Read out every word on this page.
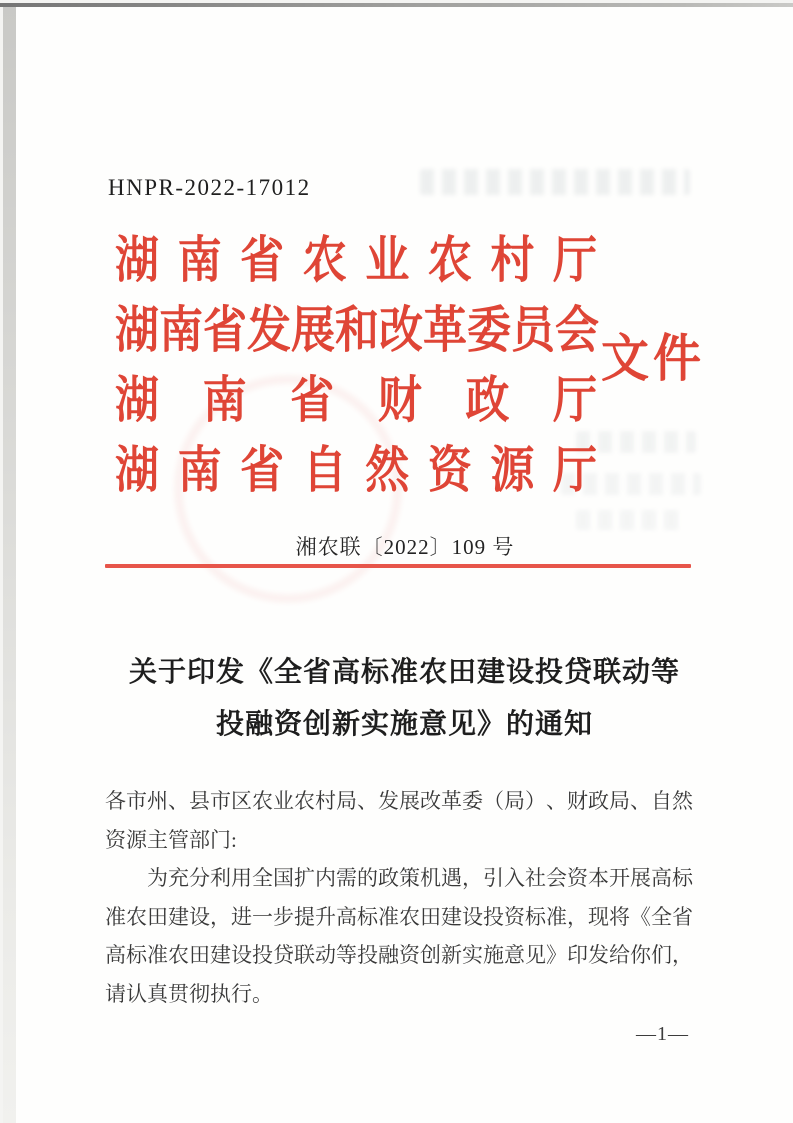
HNPR-2022-17012
湖 南 省 农 业 农 村 厅
湖 南 省 发 展 和 改 革 委 员 会
湖 南 省 财 政 厅
湖 南 省 自 然 资 源 厅
文 件
湘农联〔2022〕109 号
关于印发《全省高标准农田建设投贷联动等
投融资创新实施意见》的通知
各 市 州 、 县 市 区 农 业 农 村 局 、 发 展 改 革 委 （ 局 ） 、 财 政 局 、 自 然
资源主管部门:
为 充 分 利 用 全 国 扩 内 需 的 政 策 机 遇 ， 引 入 社 会 资 本 开 展 高 标
准 农 田 建 设 ， 进 一 步 提 升 高 标 准 农 田 建 设 投 资 标 准 ， 现 将 《 全 省
高 标 准 农 田 建 设 投 贷 联 动 等 投 融 资 创 新 实 施 意 见 》 印 发 给 你 们 ，
请认真贯彻执行。
—1—
